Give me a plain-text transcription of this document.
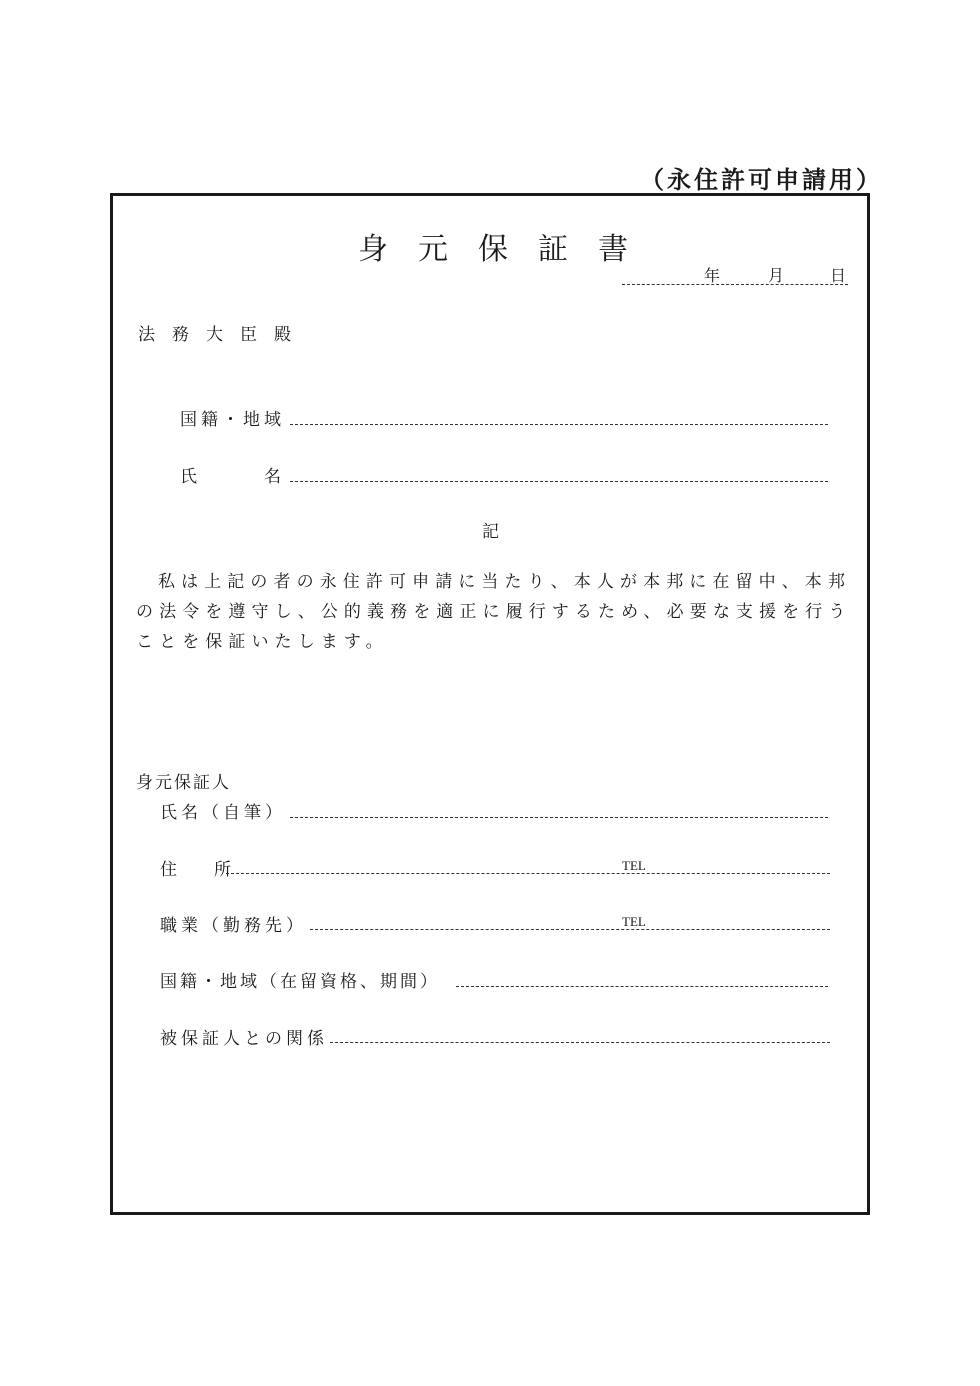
（永住許可申請用）
身元保証書
年	月	日
法務大臣殿
国籍・地域
氏	名
記
私は上記の者の永住許可申請に当たり、本人が本邦に在留中、本邦の法令を遵守し、公的義務を適正に履行するため、必要な支援を行うことを保証いたします。
身元保証人
氏名（自筆）
住　所	TEL
職業（勤務先）	TEL
国籍・地域（在留資格、期間）
被保証人との関係
